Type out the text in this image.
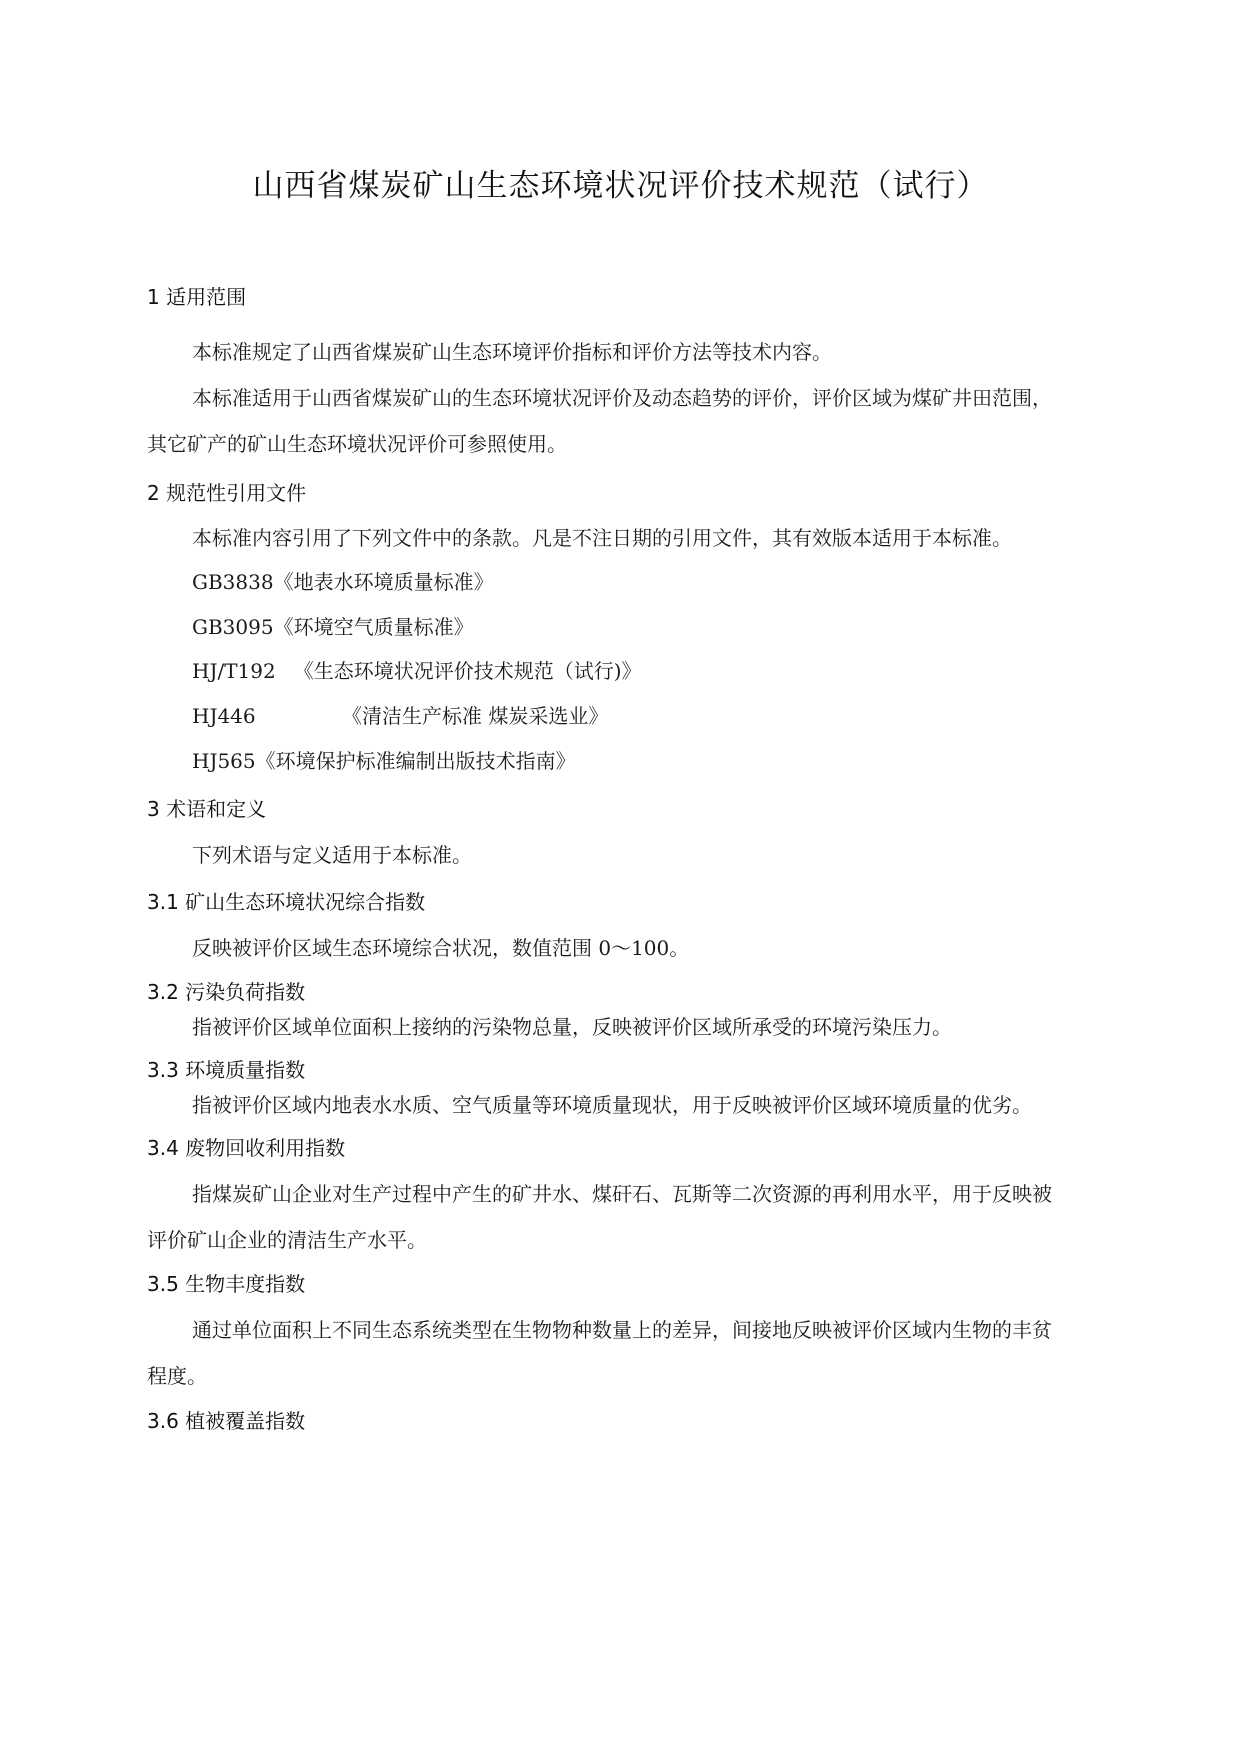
山西省煤炭矿山生态环境状况评价技术规范（试行）
1 适用范围
本标准规定了山西省煤炭矿山生态环境评价指标和评价方法等技术内容。
本标准适用于山西省煤炭矿山的生态环境状况评价及动态趋势的评价，评价区域为煤矿井田范围，
其它矿产的矿山生态环境状况评价可参照使用。
2 规范性引用文件
本标准内容引用了下列文件中的条款。凡是不注日期的引用文件，其有效版本适用于本标准。
GB3838《地表水环境质量标准》
GB3095《环境空气质量标准》
HJ/T192 《生态环境状况评价技术规范（试行)》
HJ446	《清洁生产标准 煤炭采选业》
HJ565《环境保护标准编制出版技术指南》
3 术语和定义
下列术语与定义适用于本标准。
3.1 矿山生态环境状况综合指数
反映被评价区域生态环境综合状况，数值范围 0～100。
3.2 污染负荷指数
指被评价区域单位面积上接纳的污染物总量，反映被评价区域所承受的环境污染压力。
3.3 环境质量指数
指被评价区域内地表水水质、空气质量等环境质量现状，用于反映被评价区域环境质量的优劣。
3.4 废物回收利用指数
指煤炭矿山企业对生产过程中产生的矿井水、煤矸石、瓦斯等二次资源的再利用水平，用于反映被
评价矿山企业的清洁生产水平。
3.5 生物丰度指数
通过单位面积上不同生态系统类型在生物物种数量上的差异，间接地反映被评价区域内生物的丰贫
程度。
3.6 植被覆盖指数
